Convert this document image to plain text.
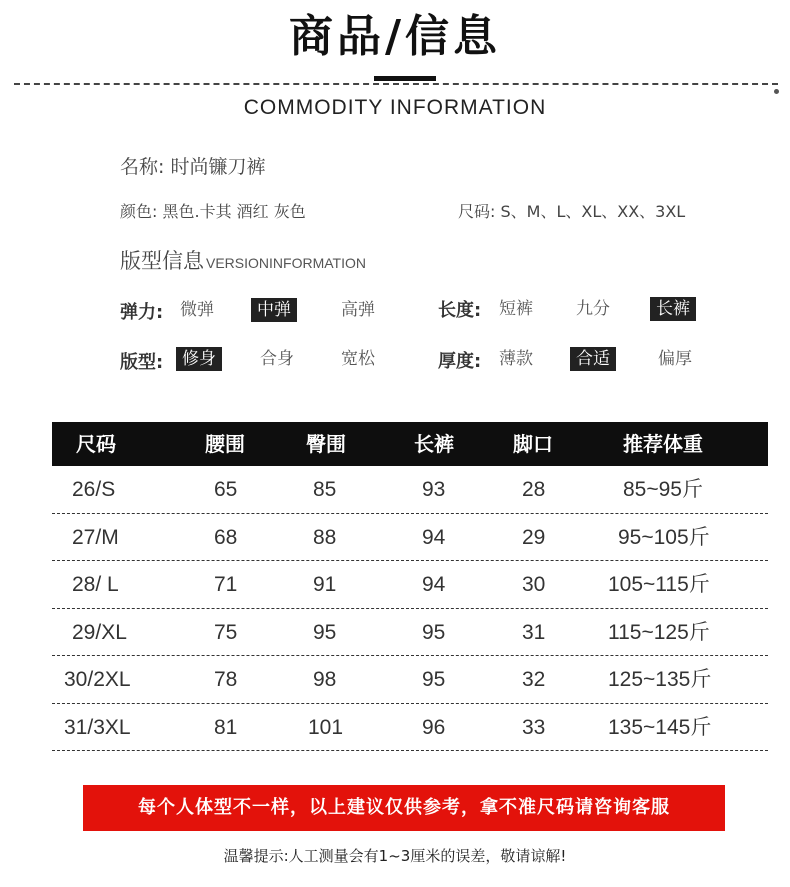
商品/信息
COMMODITY INFORMATION
名称: 时尚镰刀裤
颜色: 黑色.卡其 酒红 灰色	尺码: S、M、L、XL、XX、3XL
版型信息 VERSIONINFORMATION
弹力: 微弹	中弹	高弹	长度: 短裤	九分	长裤
版型:	修身	合身	宽松	厚度: 薄款	合适	偏厚
尺码	腰围	臀围	长裤	脚口	推荐体重
26/S	65	85	93	28	85~95斤
27/M	68	88	94	29	95~105斤
28/ L	71	91	94	30	105~115斤
29/XL	75	95	95	31	115~125斤
30/2XL	78	98	95	32	125~135斤
31/3XL	81	101	96	33	135~145斤
每个人体型不一样，以上建议仅供参考，拿不准尺码请咨询客服
温馨提示:人工测量会有1~3厘米的误差，敬请谅解!
